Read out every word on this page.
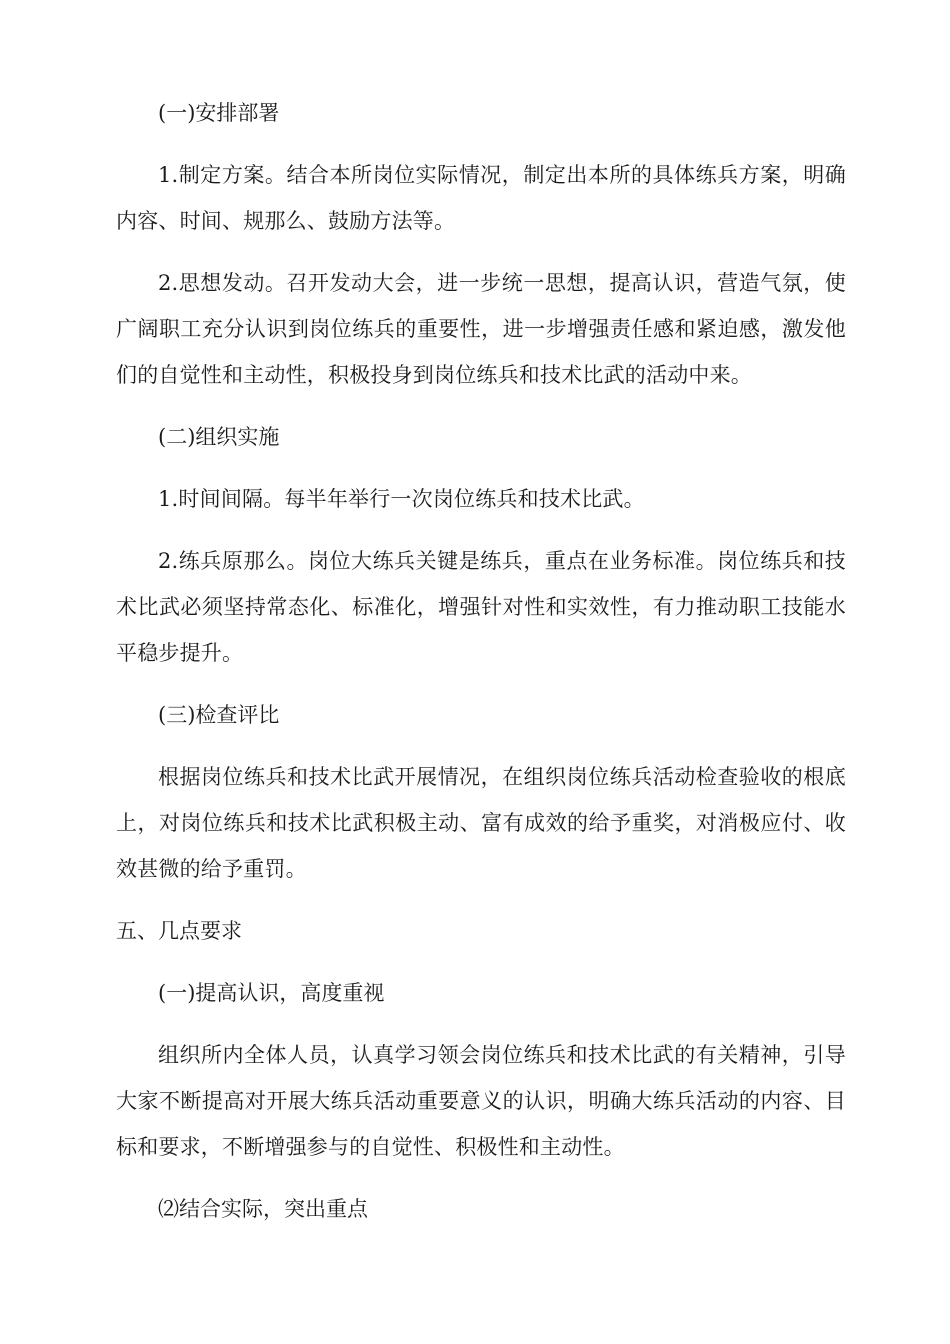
(一)安排部署

1.制定方案。结合本所岗位实际情况，制定出本所的具体练兵方案，明确内容、时间、规那么、鼓励方法等。

2.思想发动。召开发动大会，进一步统一思想，提高认识，营造气氛，使广阔职工充分认识到岗位练兵的重要性，进一步增强责任感和紧迫感，激发他们的自觉性和主动性，积极投身到岗位练兵和技术比武的活动中来。

(二)组织实施

1.时间间隔。每半年举行一次岗位练兵和技术比武。

2.练兵原那么。岗位大练兵关键是练兵，重点在业务标准。岗位练兵和技术比武必须坚持常态化、标准化，增强针对性和实效性，有力推动职工技能水平稳步提升。

(三)检查评比

根据岗位练兵和技术比武开展情况，在组织岗位练兵活动检查验收的根底上，对岗位练兵和技术比武积极主动、富有成效的给予重奖，对消极应付、收效甚微的给予重罚。

五、几点要求

(一)提高认识，高度重视

组织所内全体人员，认真学习领会岗位练兵和技术比武的有关精神，引导大家不断提高对开展大练兵活动重要意义的认识，明确大练兵活动的内容、目标和要求，不断增强参与的自觉性、积极性和主动性。

⑵结合实际，突出重点
